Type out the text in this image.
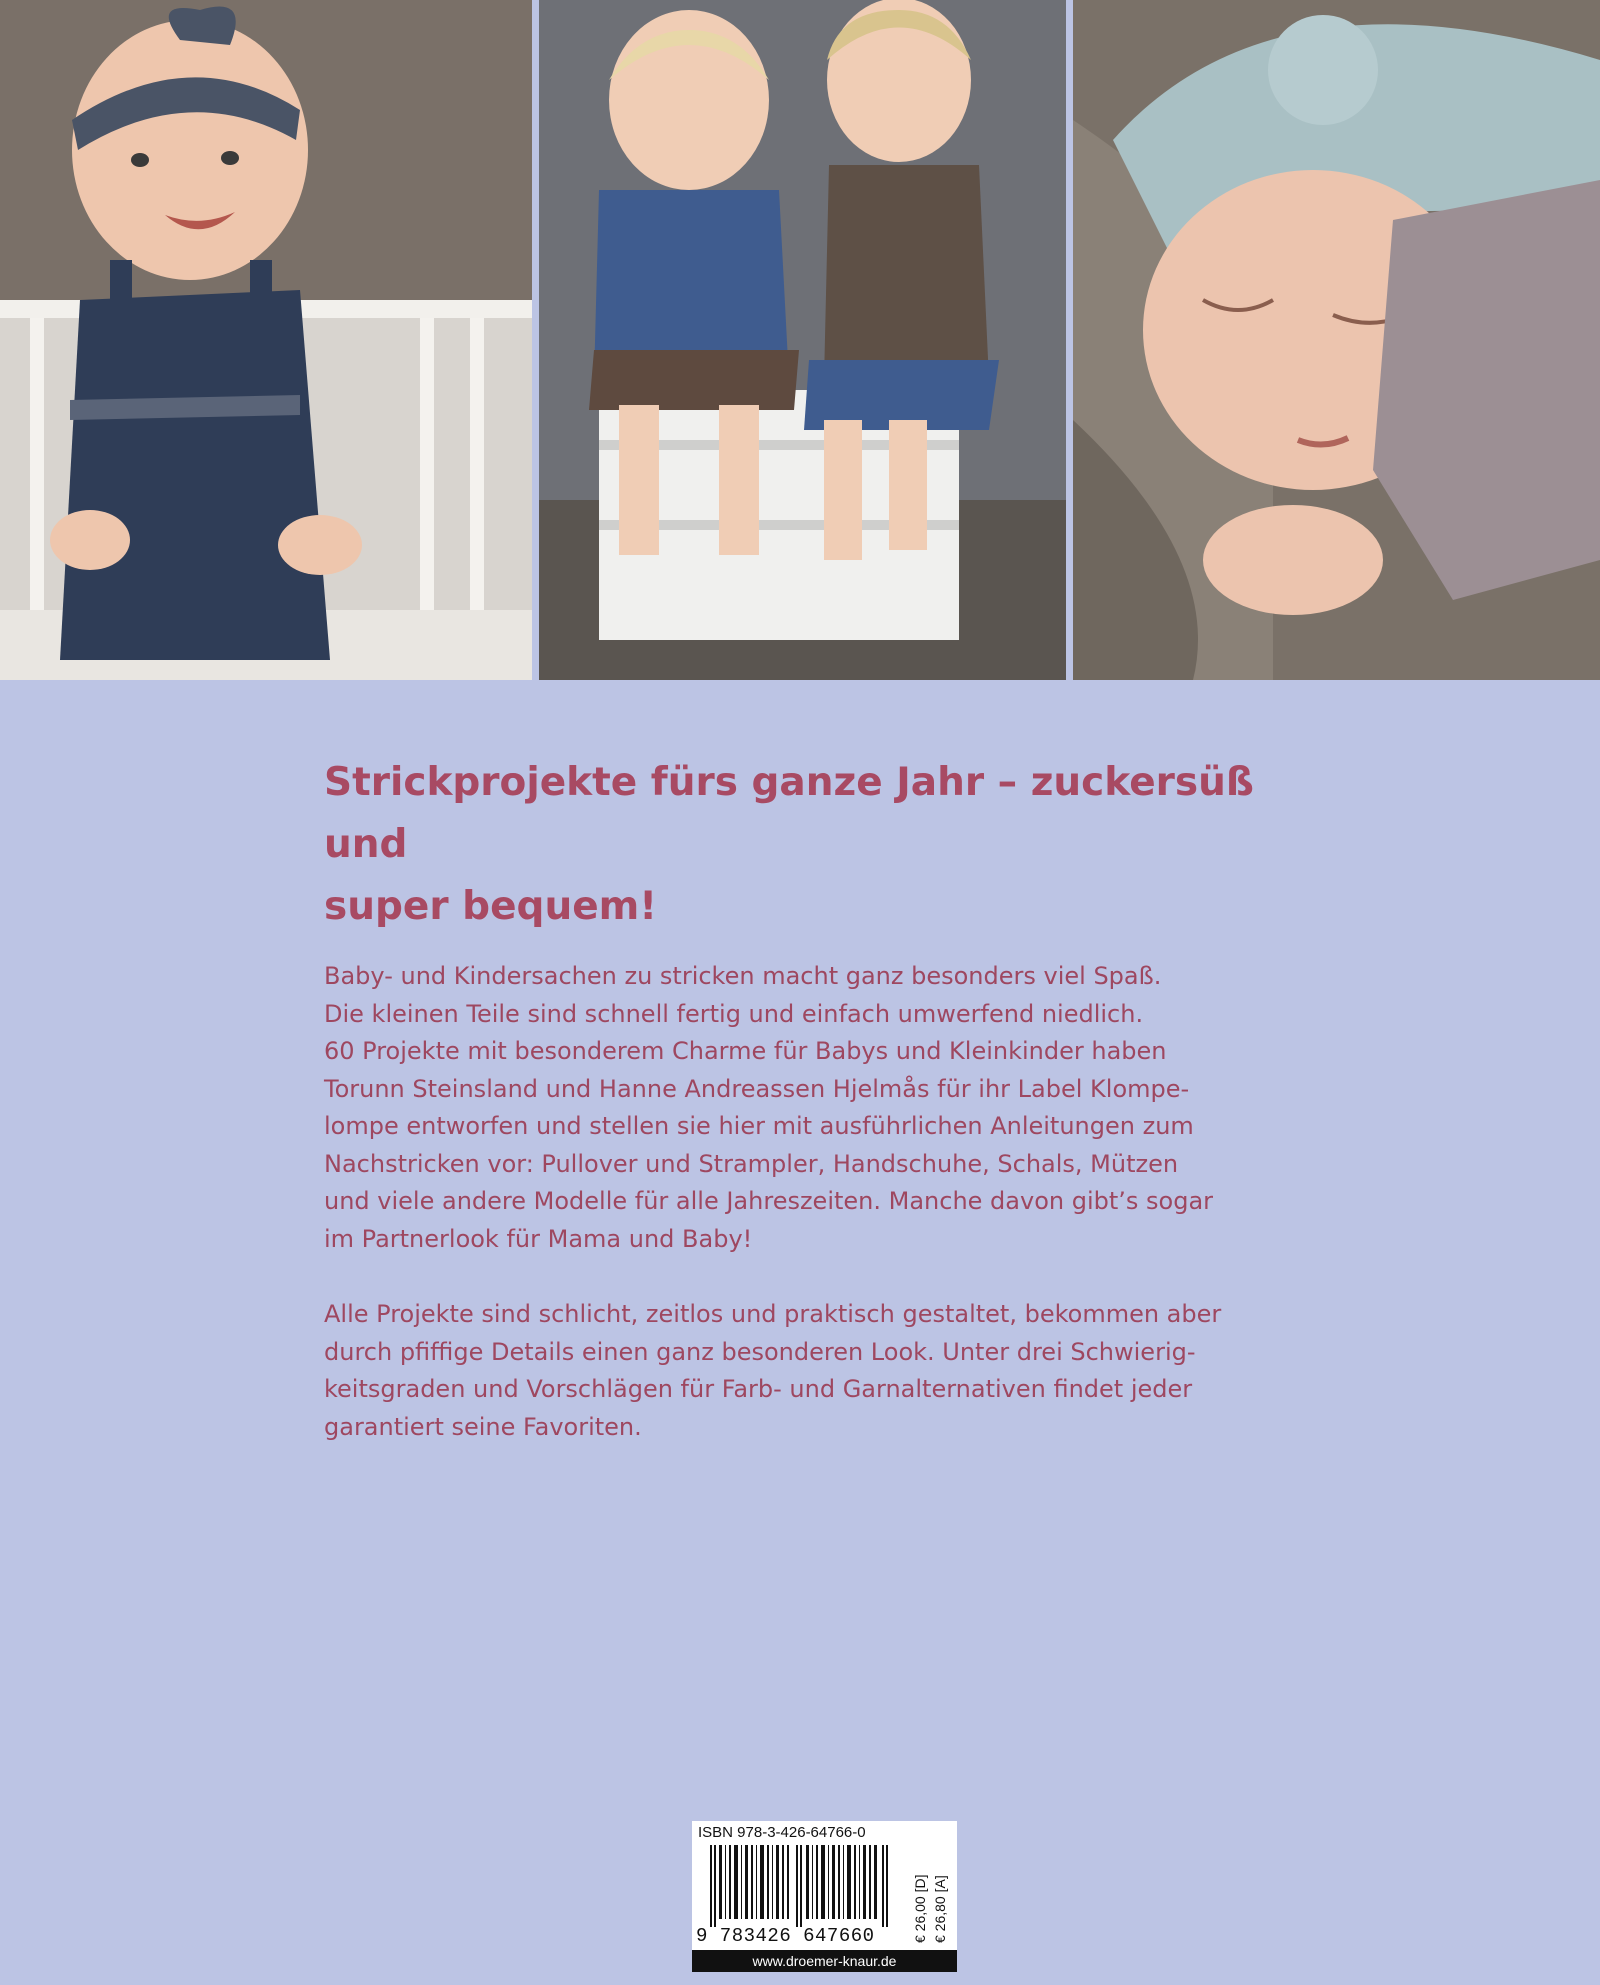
Strickprojekte fürs ganze Jahr – zuckersüß und
super bequem!

Baby- und Kindersachen zu stricken macht ganz besonders viel Spaß.
Die kleinen Teile sind schnell fertig und einfach umwerfend niedlich.
60 Projekte mit besonderem Charme für Babys und Kleinkinder haben
Torunn Steinsland und Hanne Andreassen Hjelmås für ihr Label Klompe-
lompe entworfen und stellen sie hier mit ausführlichen Anleitungen zum
Nachstricken vor: Pullover und Strampler, Handschuhe, Schals, Mützen
und viele andere Modelle für alle Jahreszeiten. Manche davon gibt’s sogar
im Partnerlook für Mama und Baby!

Alle Projekte sind schlicht, zeitlos und praktisch gestaltet, bekommen aber
durch pfiffige Details einen ganz besonderen Look. Unter drei Schwierig-
keitsgraden und Vorschlägen für Farb- und Garnalternativen findet jeder
garantiert seine Favoriten.

ISBN 978-3-426-64766-0
9 783426 647660	€ 26,00 [D] € 26,80 [A]
www.droemer-knaur.de
